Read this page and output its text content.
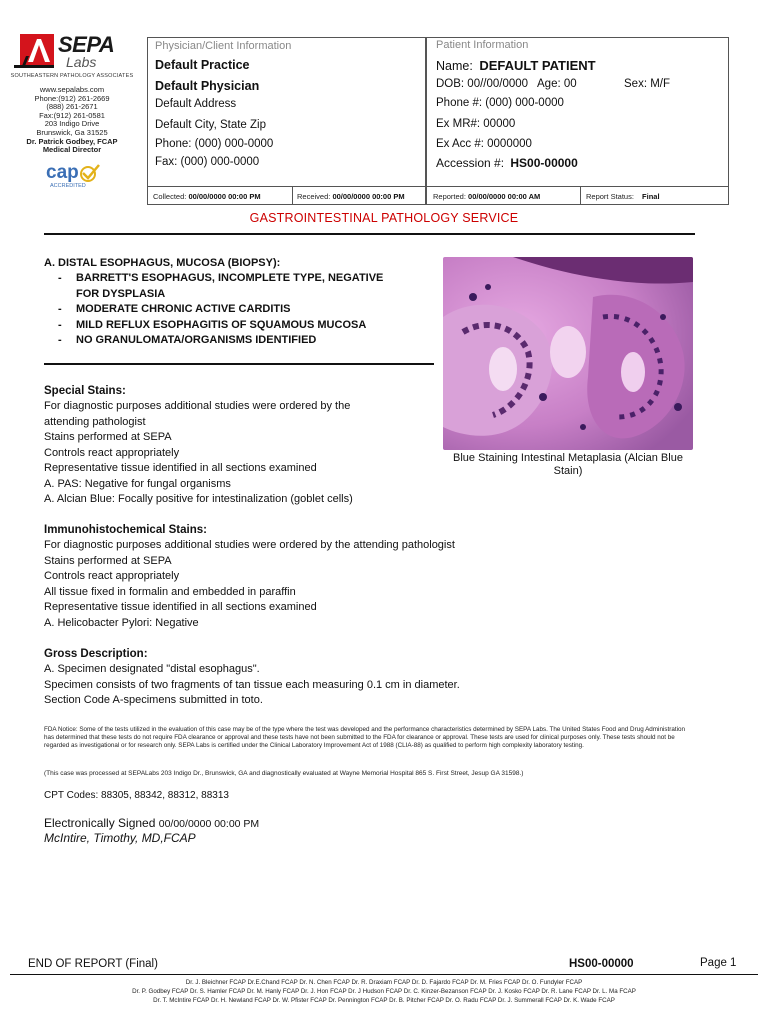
SEPA
Labs
SOUTHEASTERN PATHOLOGY ASSOCIATES
www.sepalabs.com
Phone:(912) 261-2669
(888) 261-2671
Fax:(912) 261-0581
203 Indigo Drive
Brunswick, Ga 31525
Dr. Patrick Godbey, FCAP
Medical Director
cap
ACCREDITED
Physician/Client Information
Default Practice
Default Physician
Default Address
Default City, State Zip
Phone: (000) 000-0000
Fax: (000) 000-0000
Patient Information
Name: DEFAULT PATIENT
DOB: 00//00/0000 Age: 00	Sex: M/F
Phone #: (000) 000-0000
Ex MR#: 00000
Ex Acc #: 0000000
Accession #: HS00-00000
Collected: 00/00/0000 00:00 PM	Received: 00/00/0000 00:00 PM	Reported: 00/00/0000 00:00 AM	Report Status: Final
GASTROINTESTINAL PATHOLOGY SERVICE
A. DISTAL ESOPHAGUS, MUCOSA (BIOPSY):
- BARRETT'S ESOPHAGUS, INCOMPLETE TYPE, NEGATIVE
FOR DYSPLASIA
- MODERATE CHRONIC ACTIVE CARDITIS
- MILD REFLUX ESOPHAGITIS OF SQUAMOUS MUCOSA
- NO GRANULOMATA/ORGANISMS IDENTIFIED
Blue Staining Intestinal Metaplasia (Alcian Blue
Stain)
Special Stains:
For diagnostic purposes additional studies were ordered by the
attending pathologist
Stains performed at SEPA
Controls react appropriately
Representative tissue identified in all sections examined
A. PAS: Negative for fungal organisms
A. Alcian Blue: Focally positive for intestinalization (goblet cells)
Immunohistochemical Stains:
For diagnostic purposes additional studies were ordered by the attending pathologist
Stains performed at SEPA
Controls react appropriately
All tissue fixed in formalin and embedded in paraffin
Representative tissue identified in all sections examined
A. Helicobacter Pylori: Negative
Gross Description:
A. Specimen designated "distal esophagus".
Specimen consists of two fragments of tan tissue each measuring 0.1 cm in diameter.
Section Code A-specimens submitted in toto.
FDA Notice: Some of the tests utilized in the evaluation of this case may be of the type where the test was developed and the performance characteristics determined by SEPA Labs. The United States Food and Drug Administration has determined that these tests do not require FDA clearance or approval and these tests have not been submitted to the FDA for clearance or approval. These tests are used for clinical purposes only. These tests should not be regarded as investigational or for research only. SEPA Labs is certified under the Clinical Laboratory Improvement Act of 1988 (CLIA-88) as qualified to perform high complexity laboratory testing.
(This case was processed at SEPALabs 203 Indigo Dr., Brunswick, GA and diagnostically evaluated at Wayne Memorial Hospital 865 S. First Street, Jesup GA 31598.)
CPT Codes: 88305, 88342, 88312, 88313
Electronically Signed 00/00/0000 00:00 PM
McIntire, Timothy, MD,FCAP
END OF REPORT (Final)	HS00-00000	Page 1
Dr. J. Bleichner FCAP Dr.E.Chand FCAP Dr. N. Chen FCAP Dr. R. Draxiam FCAP Dr. D. Fajardo FCAP Dr. M. Fries FCAP Dr. O. Fundyler FCAP
Dr. P. Godbey FCAP Dr. S. Hamler FCAP Dr. M. Hanly FCAP Dr. J. Hon FCAP Dr. J Hudson FCAP Dr. C. Kinzer-Bezanson FCAP Dr. J. Kosko FCAP Dr. R. Lane FCAP Dr. L. Ma FCAP
Dr. T. McIntire FCAP Dr. H. Newland FCAP Dr. W. Pfister FCAP Dr. Pennington FCAP Dr. B. Pitcher FCAP Dr. O. Radu FCAP Dr. J. Summerall FCAP Dr. K. Wade FCAP
